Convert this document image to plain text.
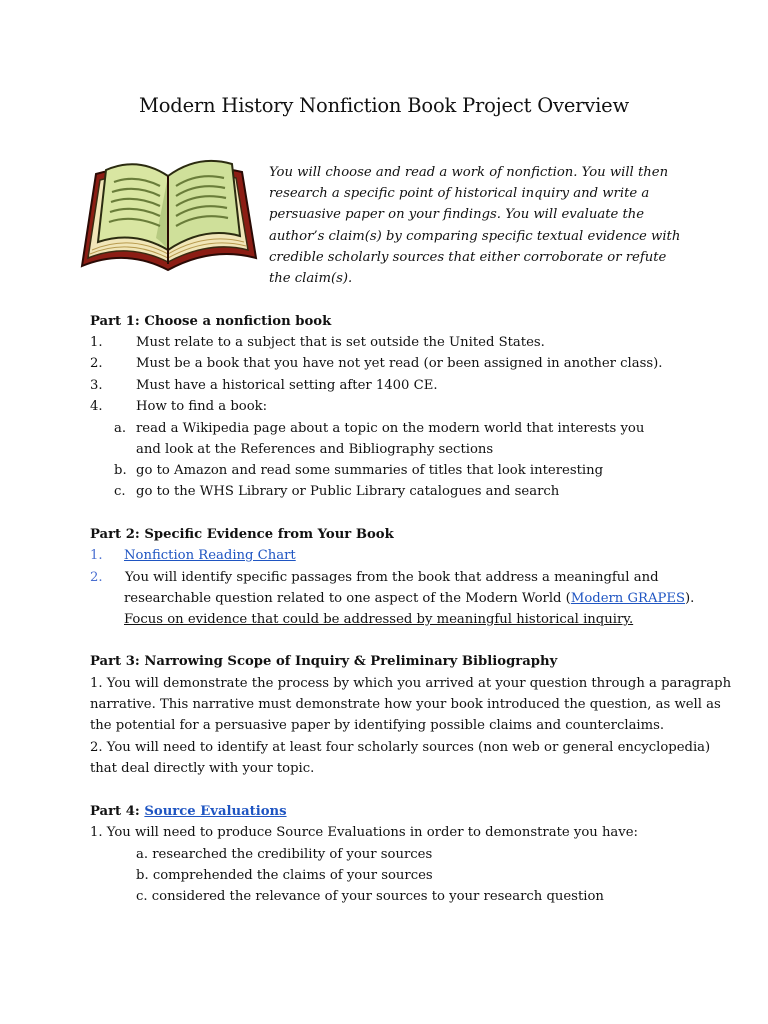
Modern History Nonfiction Book Project Overview

You will choose and read a work of nonfiction. You will then research a specific point of historical inquiry and write a persuasive paper on your findings. You will evaluate the author’s claim(s) by comparing specific textual evidence with credible scholarly sources that either corroborate or refute the claim(s).

Part 1: Choose a nonfiction book
1.	Must relate to a subject that is set outside the United States.
2.	Must be a book that you have not yet read (or been assigned in another class).
3.	Must have a historical setting after 1400 CE.
4.	How to find a book:
a. read a Wikipedia page about a topic on the modern world that interests you
and look at the References and Bibliography sections
b. go to Amazon and read some summaries of titles that look interesting
c. go to the WHS Library or Public Library catalogues and search
Part 2: Specific Evidence from Your Book
1. Nonfiction Reading Chart
2. You will identify specific passages from the book that address a meaningful and
researchable question related to one aspect of the Modern World (Modern GRAPES).
Focus on evidence that could be addressed by meaningful historical inquiry.
Part 3: Narrowing Scope of Inquiry & Preliminary Bibliography
1. You will demonstrate the process by which you arrived at your question through a paragraph
narrative. This narrative must demonstrate how your book introduced the question, as well as
the potential for a persuasive paper by identifying possible claims and counterclaims.
2. You will need to identify at least four scholarly sources (non web or general encyclopedia)
that deal directly with your topic.
Part 4: Source Evaluations
1. You will need to produce Source Evaluations in order to demonstrate you have:
a. researched the credibility of your sources
b. comprehended the claims of your sources
c. considered the relevance of your sources to your research question
